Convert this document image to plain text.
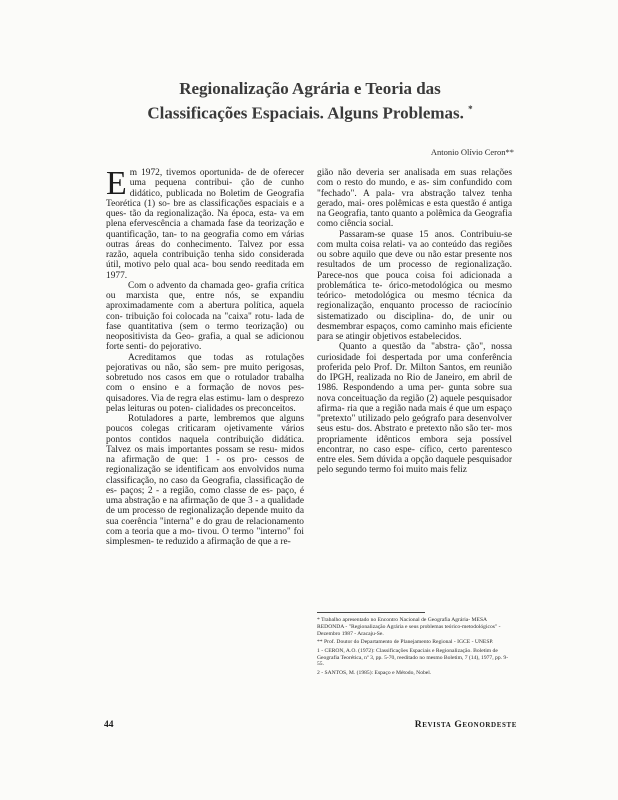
Regionalização Agrária e Teoria das
Classificações Espaciais. Alguns Problemas. *
Antonio Olívio Ceron**

Em 1972, tivemos oportunida- de de oferecer uma pequena contribui- ção de cunho didático, publicada no Boletim de Geografia Teorética (1) so- bre as classificações espaciais e a ques- tão da regionalização. Na época, esta- va em plena efervescência a chamada fase da teorização e quantificação, tan- to na geografia como em várias outras áreas do conhecimento. Talvez por essa razão, aquela contribuição tenha sido considerada útil, motivo pelo qual aca- bou sendo reeditada em 1977.

Com o advento da chamada geo- grafia crítica ou marxista que, entre nós, se expandiu aproximadamente com a abertura política, aquela con- tribuição foi colocada na "caixa" rotu- lada de fase quantitativa (sem o termo teorização) ou neopositivista da Geo- grafia, a qual se adicionou forte senti- do pejorativo.

Acreditamos que todas as rotulações pejorativas ou não, são sem- pre muito perigosas, sobretudo nos casos em que o rotulador trabalha com o ensino e a formação de novos pes- quisadores. Via de regra elas estimu- lam o desprezo pelas leituras ou poten- cialidades os preconceitos.

Rotuladores a parte, lembremos que alguns poucos colegas criticaram ojetivamente vários pontos contidos naquela contribuição didática. Talvez os mais importantes possam se resu- midos na afirmação de que: 1 - os pro- cessos de regionalização se identificam aos envolvidos numa classificação, no caso da Geografia, classificação de es- paços; 2 - a região, como classe de es- paço, é uma abstração e na afirmação de que 3 - a qualidade de um processo de regionalização depende muito da sua coerência "interna" e do grau de relacionamento com a teoria que a mo- tivou. O termo "interno" foi simplesmen- te reduzido a afirmação de que a re-

gião não deveria ser analisada em suas relações com o resto do mundo, e as- sim confundido com "fechado". A pala- vra abstração talvez tenha gerado, mai- ores polêmicas e esta questão é antiga na Geografia, tanto quanto a polêmica da Geografia como ciência social.

Passaram-se quase 15 anos. Contribuiu-se com multa coisa relati- va ao conteúdo das regiões ou sobre aquilo que deve ou não estar presente nos resultados de um processo de regionalização. Parece-nos que pouca coisa foi adicionada a problemática te- órico-metodológica ou mesmo teórico- metodológica ou mesmo técnica da regionalização, enquanto processo de raciocínio sistematizado ou disciplina- do, de unir ou desmembrar espaços, como caminho mais eficiente para se atingir objetivos estabelecidos.

Quanto a questão da "abstra- ção", nossa curiosidade foi despertada por uma conferência proferida pelo Prof. Dr. Milton Santos, em reunião do IPGH, realizada no Rio de Janeiro, em abril de 1986. Respondendo a uma per- gunta sobre sua nova conceituação da região (2) aquele pesquisador afirma- ria que a região nada mais é que um espaço "pretexto" utilizado pelo geógrafo para desenvolver seus estu- dos. Abstrato e pretexto não são ter- mos propriamente idênticos embora seja possível encontrar, no caso espe- cífico, certo parentesco entre eles. Sem dúvida a opção daquele pesquisador pelo segundo termo foi muito mais feliz

* Trabalho apresentado no Encontro Nacional de Geografia Agrária- MESA REDONDA - "Regionalização Agrária e seus problemas teórico-metodológicos" - Dezembro 1987 - Aracaju-Se.

** Prof. Doutor do Departamento de Planejamento Regional - IGCE - UNESP.

1 - CERON, A.O. (1972): Classificações Espaciais e Regionalização. Boletim de Geografia Teorética, nº 3, pp. 5-70, reeditado no mesmo Boletim, 7 (14), 1977, pp. 9-55.

2 - SANTOS, M. (1985): Espaço e Método, Nobel.

44	Revista Geonordeste
